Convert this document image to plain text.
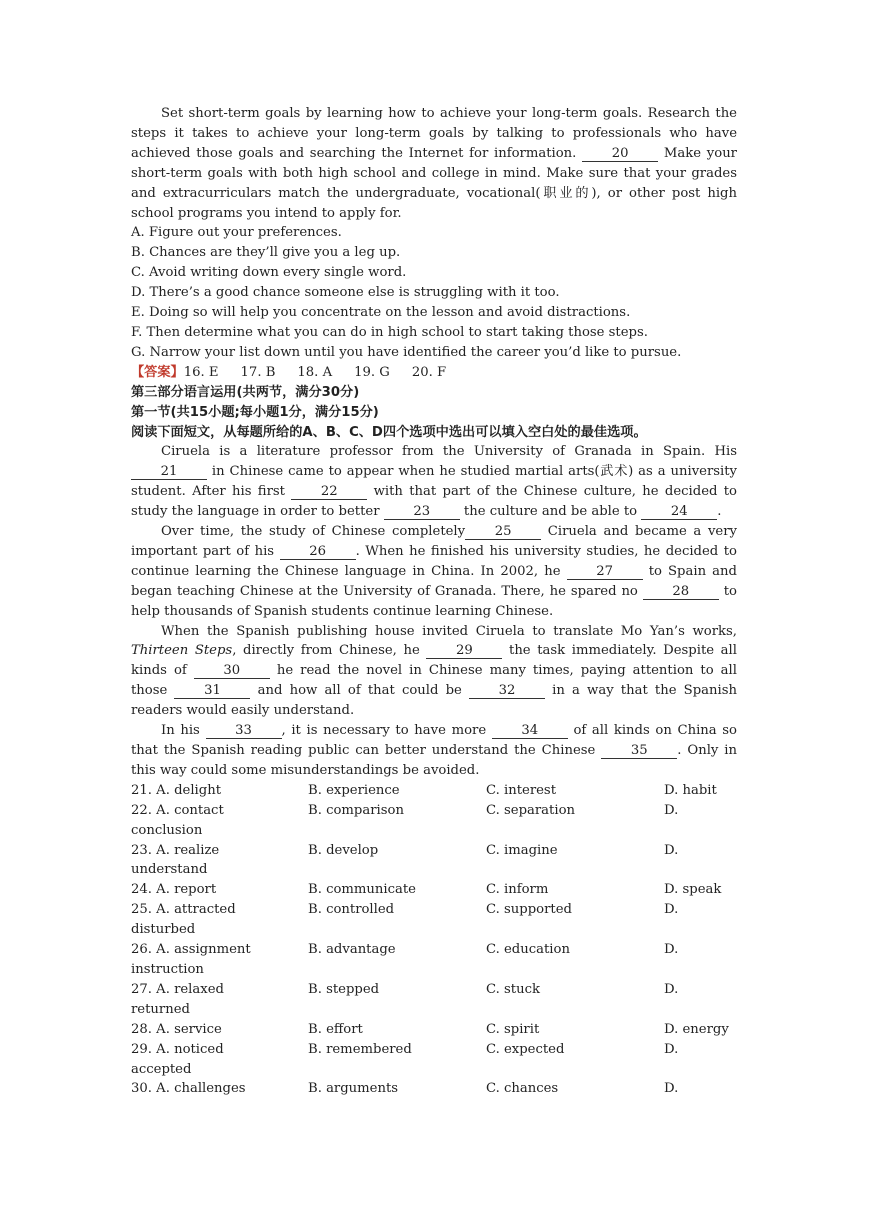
Set short-term goals by learning how to achieve your long-term goals. Research the steps it takes to achieve your long-term goals by talking to professionals who have achieved those goals and searching the Internet for information.	20	Make your short-term goals with both high school and college in mind. Make sure that your grades and extracurriculars match the undergraduate, vocational(职业的), or other post high school programs you intend to apply for.

A. Figure out your preferences.

B. Chances are they’ll give you a leg up.

C. Avoid writing down every single word.

D. There’s a good chance someone else is struggling with it too.

E. Doing so will help you concentrate on the lesson and avoid distractions.

F. Then determine what you can do in high school to start taking those steps.

G. Narrow your list down until you have identified the career you’d like to pursue.

【答案】16. E 17. B 18. A 19. G 20. F

第三部分语言运用(共两节，满分30分)

第一节(共15小题;每小题1分，满分15分)

阅读下面短文，从每题所给的A、B、C、D四个选项中选出可以填入空白处的最佳选项。

Ciruela is a literature professor from the University of Granada in Spain. His 21	in Chinese came to appear when he studied martial arts(武术) as a university student. After his first	22	with that part of the Chinese culture, he decided to study the language in order to better	23	the culture and be able to	24 .

Over time, the study of Chinese completely 25	Ciruela and became a very important part of his	26 . When he finished his university studies, he decided to continue learning the Chinese language in China. In 2002, he	27	to Spain and began teaching Chinese at the University of Granada. There, he spared no	28	to help thousands of Spanish students continue learning Chinese.

When the Spanish publishing house invited Ciruela to translate Mo Yan’s works, Thirteen Steps, directly from Chinese, he	29	the task immediately. Despite all kinds of	30	he read the novel in Chinese many times, paying attention to all those	31	and how all of that could be	32	in a way that the Spanish readers would easily understand.

In his	33 , it is necessary to have more	34	of all kinds on China so that the Spanish reading public can better understand the Chinese	35 . Only in this way could some misunderstandings be avoided.

21. A. delight	B. experience	C. interest	D. habit
22. A. contact	B. comparison	C. separation	D.
conclusion
23. A. realize	B. develop	C. imagine	D.
understand
24. A. report	B. communicate	C. inform	D. speak
25. A. attracted	B. controlled	C. supported	D.
disturbed
26. A. assignment	B. advantage	C. education	D.
instruction
27. A. relaxed	B. stepped	C. stuck	D.
returned
28. A. service	B. effort	C. spirit	D. energy
29. A. noticed	B. remembered	C. expected	D.
accepted
30. A. challenges	B. arguments	C. chances	D.
